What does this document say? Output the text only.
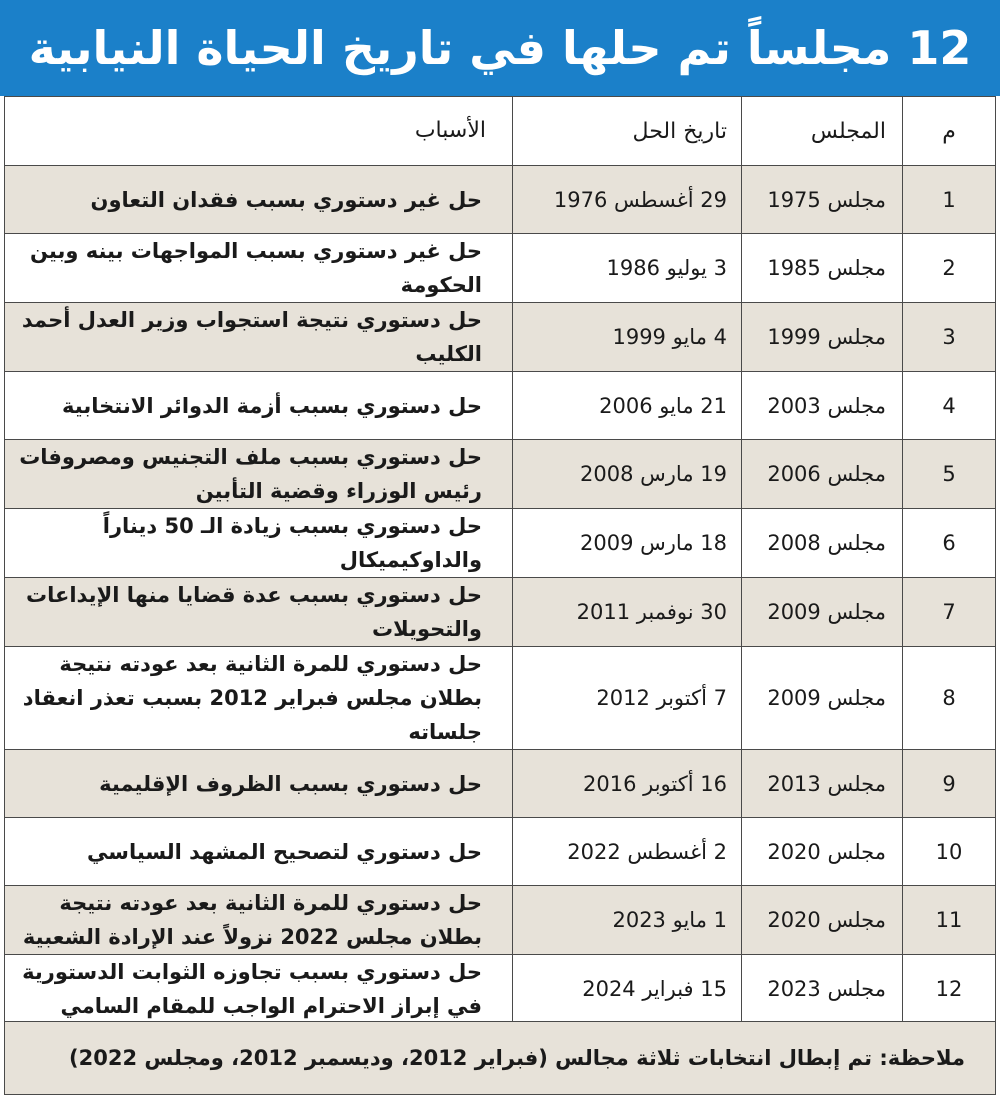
12 مجلساً تم حلها في تاريخ الحياة النيابية
م	المجلس	تاريخ الحل	الأسباب
1	مجلس 1975	29 أغسطس 1976	حل غير دستوري بسبب فقدان التعاون
2	مجلس 1985	3 يوليو 1986	حل غير دستوري بسبب المواجهات بينه وبين الحكومة
3	مجلس 1999	4 مايو 1999	حل دستوري نتيجة استجواب وزير العدل أحمد الكليب
4	مجلس 2003	21 مايو 2006	حل دستوري بسبب أزمة الدوائر الانتخابية
5	مجلس 2006	19 مارس 2008	حل دستوري بسبب ملف التجنيس ومصروفات رئيس الوزراء وقضية التأبين
6	مجلس 2008	18 مارس 2009	حل دستوري بسبب زيادة الـ 50 ديناراً والداوكيميكال
7	مجلس 2009	30 نوفمبر 2011	حل دستوري بسبب عدة قضايا منها الإيداعات والتحويلات
8	مجلس 2009	7 أكتوبر 2012	حل دستوري للمرة الثانية بعد عودته نتيجة بطلان مجلس فبراير 2012 بسبب تعذر انعقاد جلساته
9	مجلس 2013	16 أكتوبر 2016	حل دستوري بسبب الظروف الإقليمية
10	مجلس 2020	2 أغسطس 2022	حل دستوري لتصحيح المشهد السياسي
11	مجلس 2020	1 مايو 2023	حل دستوري للمرة الثانية بعد عودته نتيجة بطلان مجلس 2022 نزولاً عند الإرادة الشعبية
12	مجلس 2023	15 فبراير 2024	حل دستوري بسبب تجاوزه الثوابت الدستورية في إبراز الاحترام الواجب للمقام السامي
ملاحظة: تم إبطال انتخابات ثلاثة مجالس (فبراير 2012، وديسمبر 2012، ومجلس 2022)
